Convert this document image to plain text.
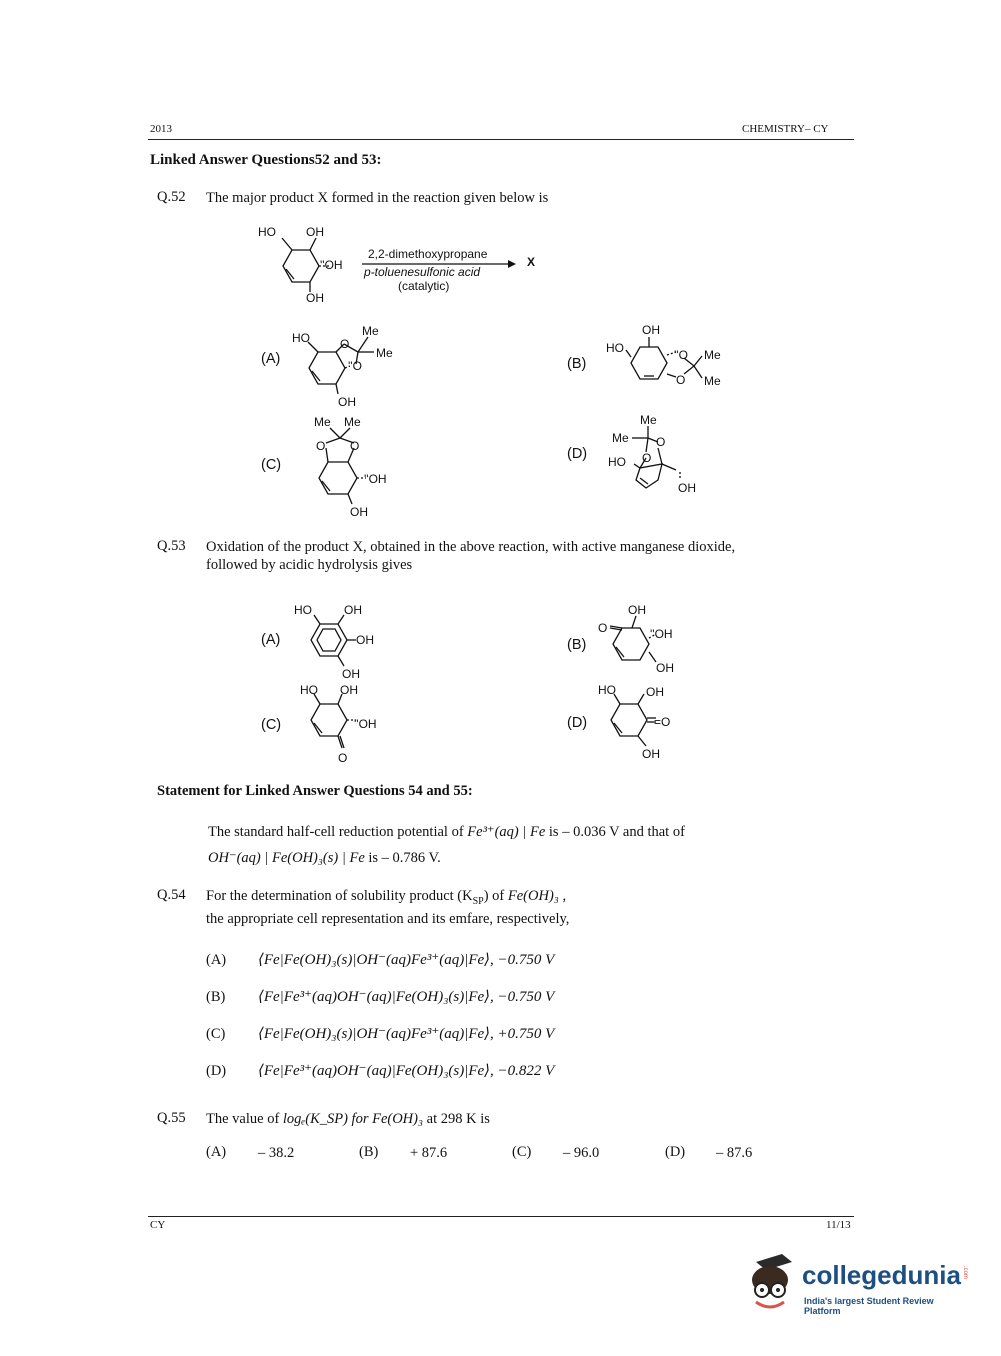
2013	CHEMISTRY– CY
Linked Answer Questions52 and 53:
Q.52 The major product X formed in the reaction given below is
HO	OH
''OH
OH
2,2-dimethoxypropane
p-toluenesulfonic acid
(catalytic)
X
(A)	(B)
(C)
(D)
HO	O
''O
Me
Me
OH
OH
HO	''O
O
Me
Me
Me Me
O O
''OH
OH
Me
Me O
O
HO
OH
Q.53 Oxidation of the product X, obtained in the above reaction, with active manganese dioxide,
followed by acidic hydrolysis gives
(A)	(B)
(C)	(D)
HO	OH
OH
OH
O
OH
''OH
OH
HO OH
''OH
O
HO	OH
=O
OH
Statement for Linked Answer Questions 54 and 55:
The standard half-cell reduction potential of Fe³⁺(aq) | Fe is – 0.036 V and that of
OH⁻(aq) | Fe(OH)₃(s) | Fe is – 0.786 V.
Q.54 For the determination of solubility product $(K_{SP})$ of Fe(OH)₃ ,
the appropriate cell representation and its emfare, respectively,
(A) ⟨Fe|Fe(OH)₃(s)|OH⁻(aq)Fe³⁺(aq)|Fe⟩, −0.750 V
(B) ⟨Fe|Fe³⁺(aq)OH⁻(aq)|Fe(OH)₃(s)|Fe⟩, −0.750 V
(C) ⟨Fe|Fe(OH)₃(s)|OH⁻(aq)Fe³⁺(aq)|Fe⟩, +0.750 V
(D) ⟨Fe|Fe³⁺(aq)OH⁻(aq)|Fe(OH)₃(s)|Fe⟩, −0.822 V
Q.55 The value of logₑ(K_SP) for Fe(OH)₃ at 298 K is
(A) – 38.2	(B) + 87.6	(C) – 96.0	(D) – 87.6
CY	11/13
collegedunia .com
India's largest Student Review Platform
